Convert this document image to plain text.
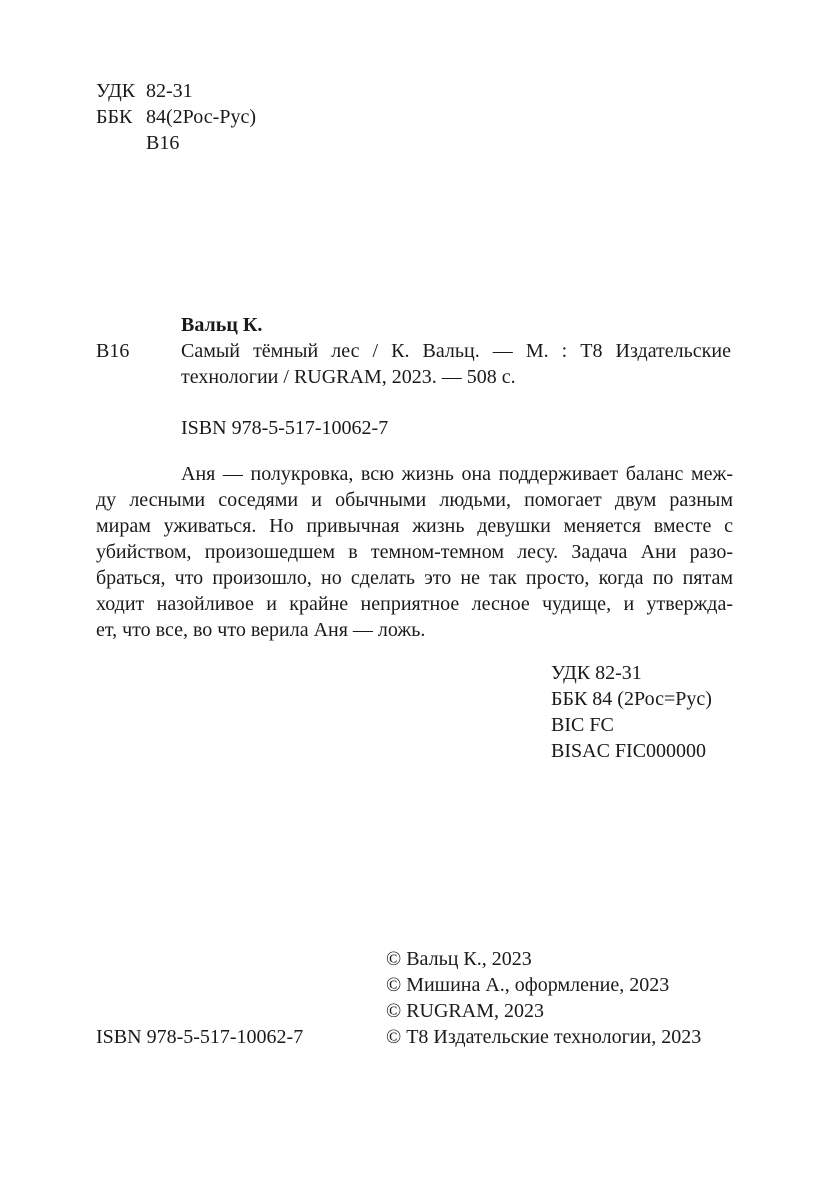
УДК 82-31
ББК 84(2Рос-Рус)
В16
Вальц К.
В16	Самый тёмный лес / К. Вальц. — М. : Т8 Издательские
технологии / RUGRAM, 2023. — 508 с.
ISBN 978-5-517-10062-7
Аня — полукровка, всю жизнь она поддерживает баланс меж-
ду лесными соседями и обычными людьми, помогает двум разным
мирам уживаться. Но привычная жизнь девушки меняется вместе с
убийством, произошедшем в темном-темном лесу. Задача Ани разо-
браться, что произошло, но сделать это не так просто, когда по пятам
ходит назойливое и крайне неприятное лесное чудище, и утвержда-
ет, что все, во что верила Аня — ложь.
УДК 82-31
ББК 84 (2Рос=Рус)
BIC FC
BISAC FIC000000
ISBN 978-5-517-10062-7
© Вальц К., 2023
© Мишина А., оформление, 2023
© RUGRAM, 2023
© Т8 Издательские технологии, 2023
